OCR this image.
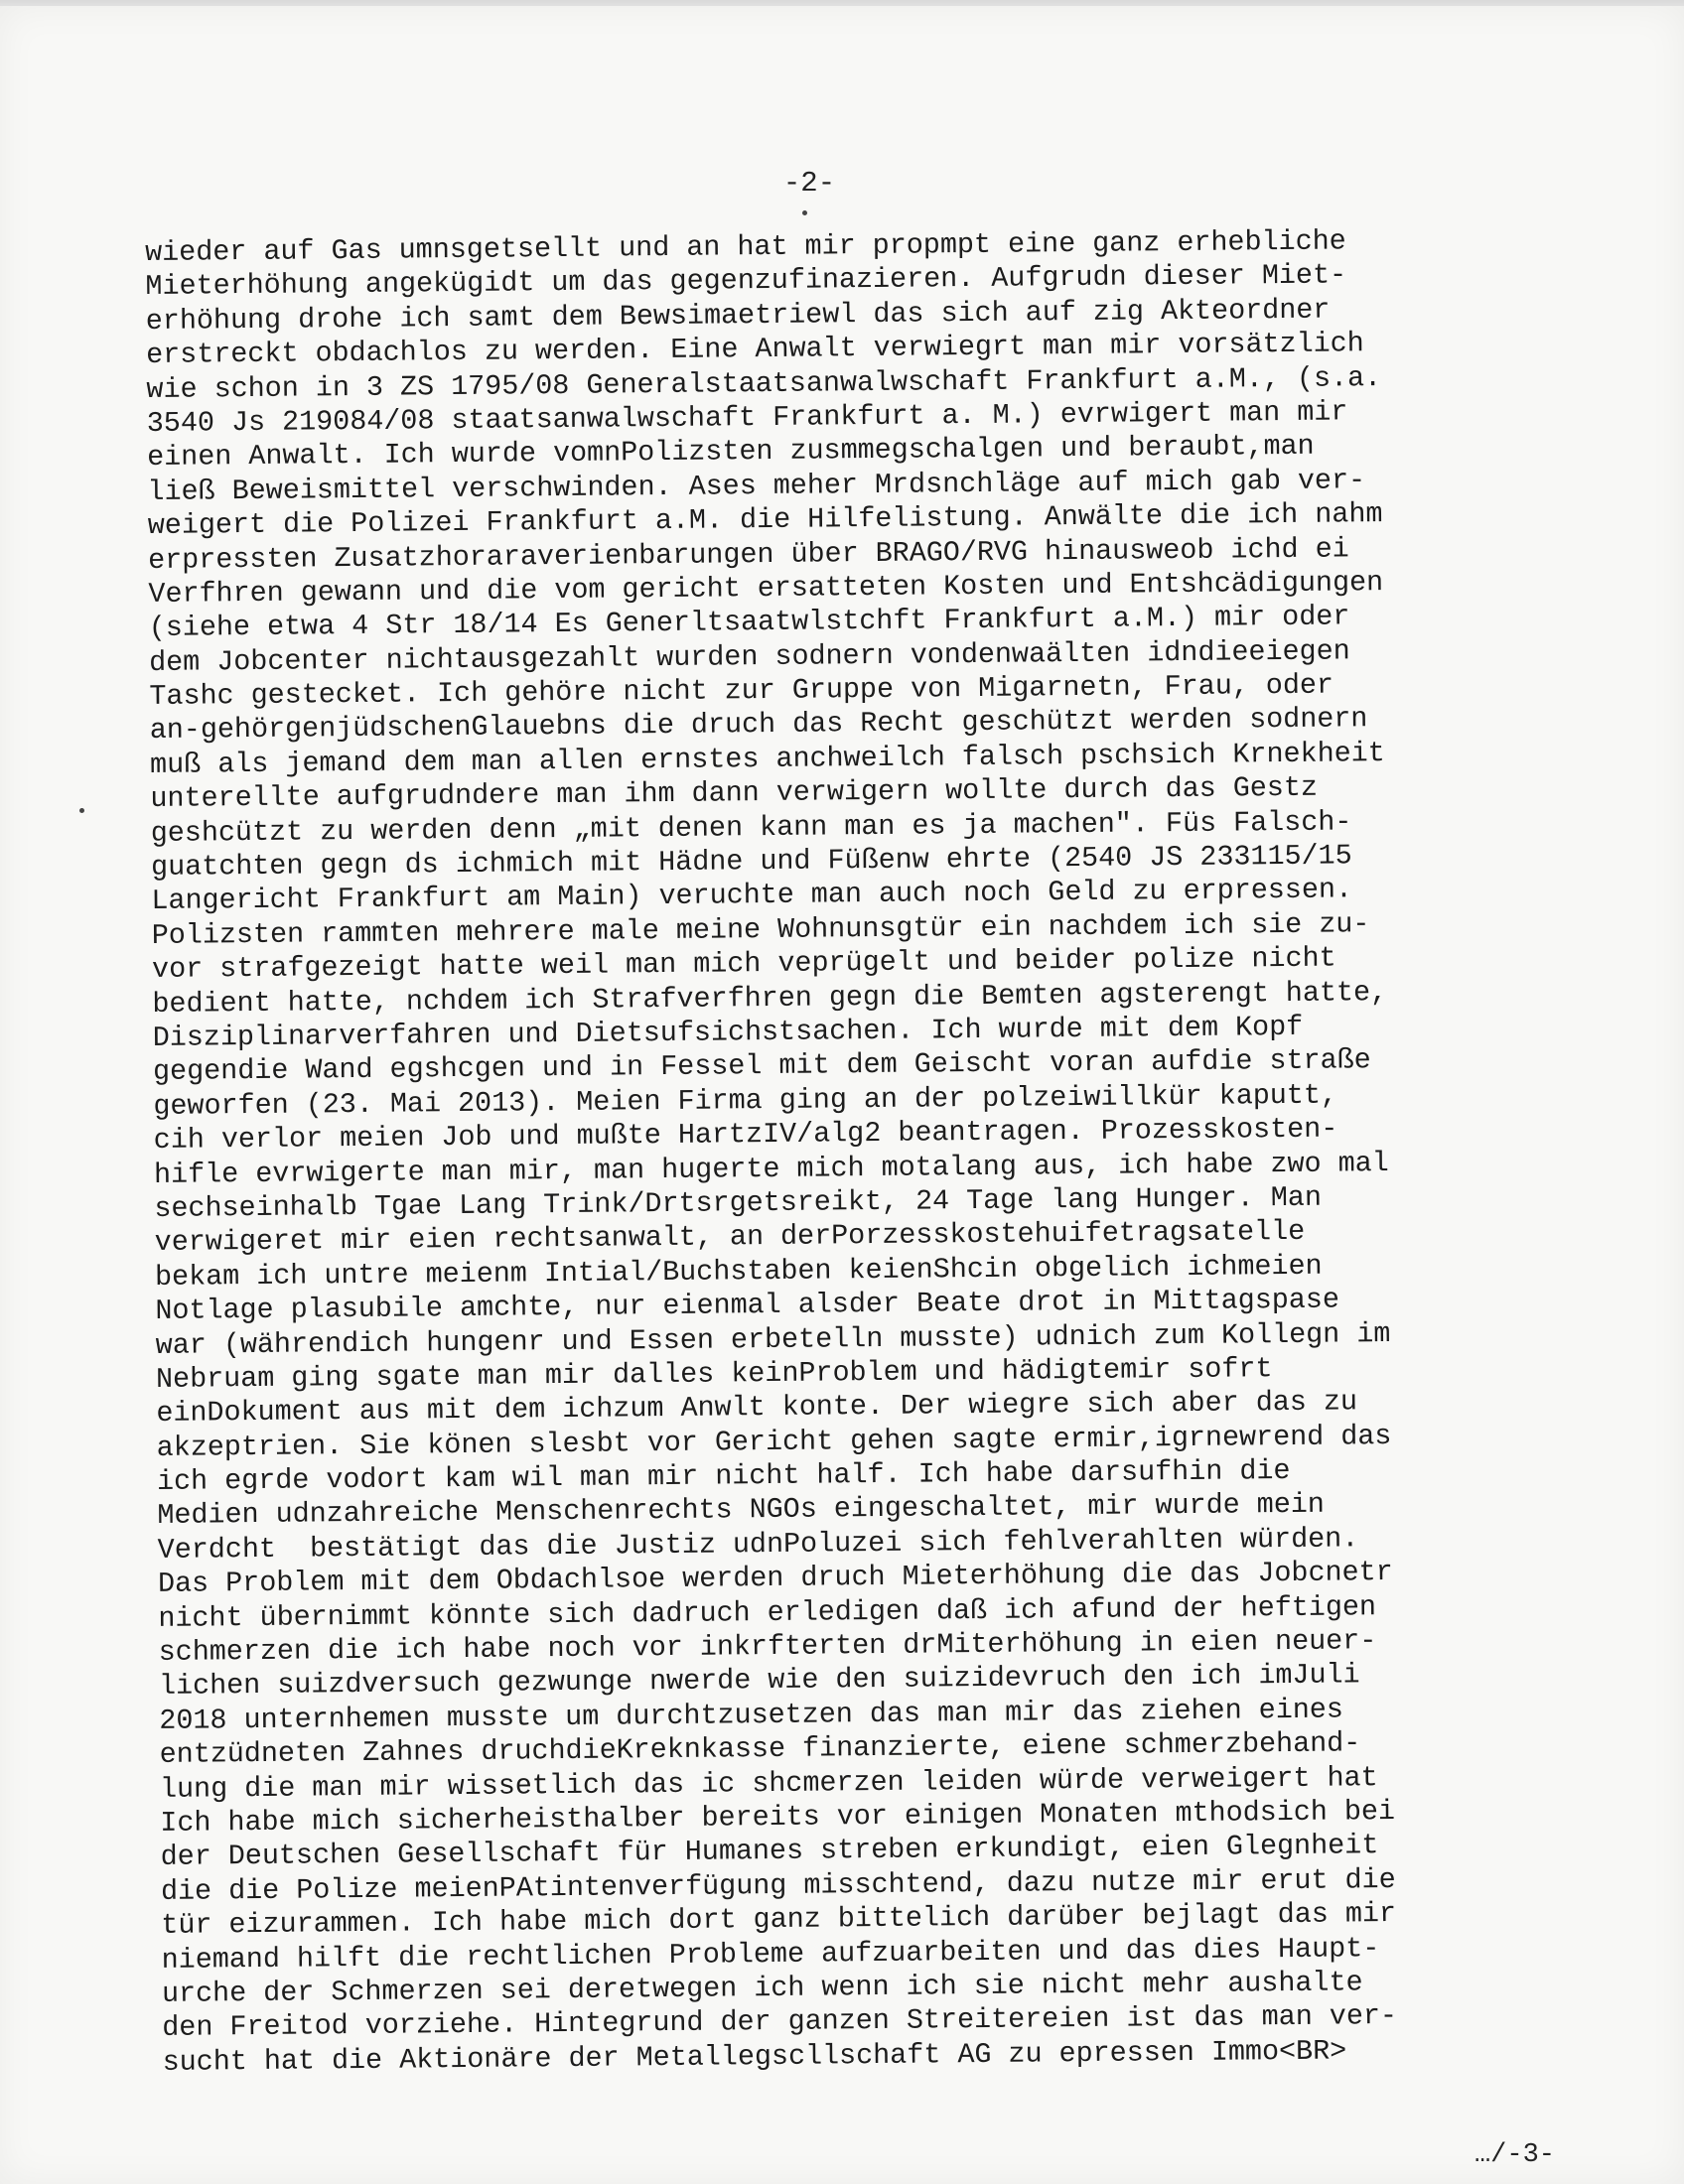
-2-
wieder auf Gas umnsgetsellt und an hat mir propmpt eine ganz erhebliche
Mieterhöhung angekügidt um das gegenzufinazieren. Aufgrudn dieser Miet-
erhöhung drohe ich samt dem Bewsimaetriewl das sich auf zig Akteordner
erstreckt obdachlos zu werden. Eine Anwalt verwiegrt man mir vorsätzlich
wie schon in 3 ZS 1795/08 Generalstaatsanwalwschaft Frankfurt a.M., (s.a.
3540 Js 219084/08 staatsanwalwschaft Frankfurt a. M.) evrwigert man mir
einen Anwalt. Ich wurde vomnPolizsten zusmmegschalgen und beraubt,man
ließ Beweismittel verschwinden. Ases meher Mrdsnchläge auf mich gab ver-
weigert die Polizei Frankfurt a.M. die Hilfelistung. Anwälte die ich nahm
erpressten Zusatzhoraraverienbarungen über BRAGO/RVG hinausweob ichd ei
Verfhren gewann und die vom gericht ersatteten Kosten und Entshcädigungen
(siehe etwa 4 Str 18/14 Es Generltsaatwlstchft Frankfurt a.M.) mir oder
dem Jobcenter nichtausgezahlt wurden sodnern vondenwaälten idndieeiegen
Tashc gestecket. Ich gehöre nicht zur Gruppe von Migarnetn, Frau, oder
an-gehörgenjüdschenGlauebns die druch das Recht geschützt werden sodnern
muß als jemand dem man allen ernstes anchweilch falsch pschsich Krnekheit
unterellte aufgrudndere man ihm dann verwigern wollte durch das Gestz
geshcützt zu werden denn „mit denen kann man es ja machen". Füs Falsch-
guatchten gegn ds ichmich mit Hädne und Füßenw ehrte (2540 JS 233115/15
Langericht Frankfurt am Main) veruchte man auch noch Geld zu erpressen.
Polizsten rammten mehrere male meine Wohnunsgtür ein nachdem ich sie zu-
vor strafgezeigt hatte weil man mich veprügelt und beider polize nicht
bedient hatte, nchdem ich Strafverfhren gegn die Bemten agsterengt hatte,
Disziplinarverfahren und Dietsufsichstsachen. Ich wurde mit dem Kopf
gegendie Wand egshcgen und in Fessel mit dem Geischt voran aufdie straße
geworfen (23. Mai 2013). Meien Firma ging an der polzeiwillkür kaputt,
cih verlor meien Job und mußte HartzIV/alg2 beantragen. Prozesskosten-
hifle evrwigerte man mir, man hugerte mich motalang aus, ich habe zwo mal
sechseinhalb Tgae Lang Trink/Drtsrgetsreikt, 24 Tage lang Hunger. Man
verwigeret mir eien rechtsanwalt, an derPorzesskostehuifetragsatelle
bekam ich untre meienm Intial/Buchstaben keienShcin obgelich ichmeien
Notlage plasubile amchte, nur eienmal alsder Beate drot in Mittagspase
war (währendich hungenr und Essen erbetelln musste) udnich zum Kollegn im
Nebruam ging sgate man mir dalles keinProblem und hädigtemir sofrt
einDokument aus mit dem ichzum Anwlt konte. Der wiegre sich aber das zu
akzeptrien. Sie könen slesbt vor Gericht gehen sagte ermir,igrnewrend das
ich egrde vodort kam wil man mir nicht half. Ich habe darsufhin die
Medien udnzahreiche Menschenrechts NGOs eingeschaltet, mir wurde mein
Verdcht  bestätigt das die Justiz udnPoluzei sich fehlverahlten würden.
Das Problem mit dem Obdachlsoe werden druch Mieterhöhung die das Jobcnetr
nicht übernimmt könnte sich dadruch erledigen daß ich afund der heftigen
schmerzen die ich habe noch vor inkrfterten drMiterhöhung in eien neuer-
lichen suizdversuch gezwunge nwerde wie den suizidevruch den ich imJuli
2018 unternhemen musste um durchtzusetzen das man mir das ziehen eines
entzüdneten Zahnes druchdieKreknkasse finanzierte, eiene schmerzbehand-
lung die man mir wissetlich das ic shcmerzen leiden würde verweigert hat
Ich habe mich sicherheisthalber bereits vor einigen Monaten mthodsich bei
der Deutschen Gesellschaft für Humanes streben erkundigt, eien Glegnheit
die die Polize meienPAtintenverfügung misschtend, dazu nutze mir erut die
tür eizurammen. Ich habe mich dort ganz bittelich darüber bejlagt das mir
niemand hilft die rechtlichen Probleme aufzuarbeiten und das dies Haupt-
urche der Schmerzen sei deretwegen ich wenn ich sie nicht mehr aushalte
den Freitod vorziehe. Hintegrund der ganzen Streitereien ist das man ver-
sucht hat die Aktionäre der Metallegscllschaft AG zu epressen Immo<BR>
…/-3-
